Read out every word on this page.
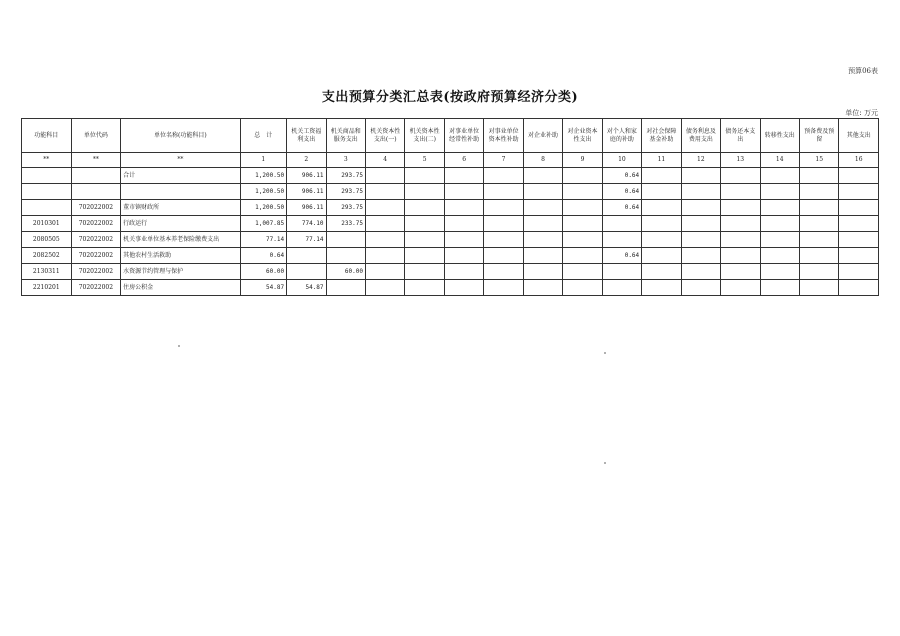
预算06表
支出预算分类汇总表(按政府预算经济分类)
单位: 万元
功能科目	单位代码	单位名称(功能科目)	总　计	机关工资福利支出	机关商品和服务支出	机关资本性支出(一)	机关资本性支出(二)	对事业单位经常性补助	对事业单位资本性补助	对企业补助	对企业资本性支出	对个人和家庭的补助	对社会保障基金补助	债务利息及费用支出	债务还本支出	转移性支出	预备费及预留	其他支出
**	**	**	1	2	3	4	5	6	7	8	9	10	11	12	13	14	15	16
		合计	1,200.50	906.11	293.75							0.64						
			1,200.50	906.11	293.75							0.64						
	702022002	董市镇财政所	1,200.50	906.11	293.75							0.64						
2010301	702022002	行政运行	1,007.85	774.10	233.75													
2080505	702022002	机关事业单位基本养老保险缴费支出	77.14	77.14														
2082502	702022002	其他农村生活救助	0.64									0.64						
2130311	702022002	水资源节约管理与保护	60.00		60.00													
2210201	702022002	住房公积金	54.87	54.87														
